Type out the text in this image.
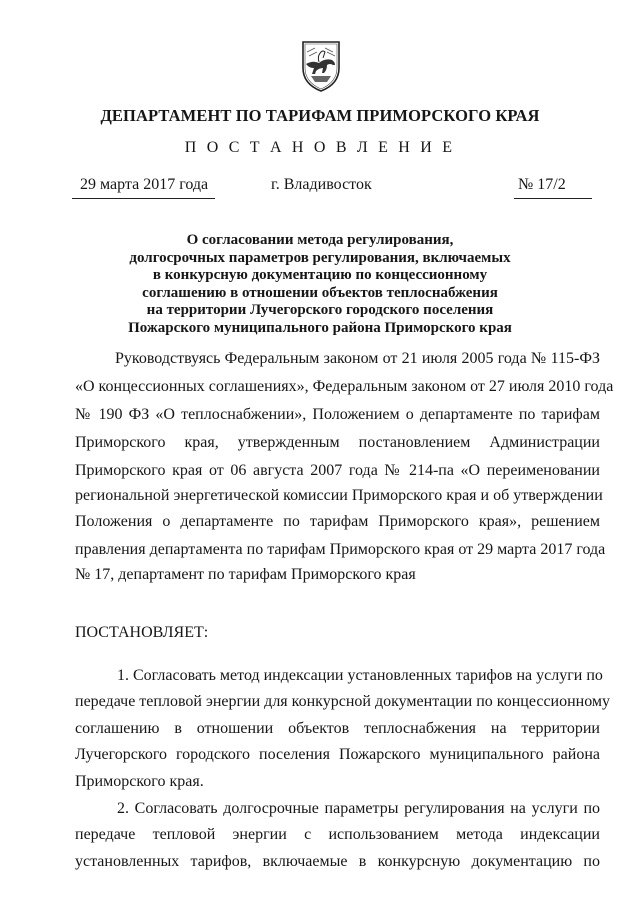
ДЕПАРТАМЕНТ ПО ТАРИФАМ ПРИМОРСКОГО КРАЯ
П О С Т А Н О В Л Е Н И Е
29 марта 2017 года	г. Владивосток	№ 17/2
О согласовании метода регулирования,
долгосрочных параметров регулирования, включаемых
в конкурсную документацию по концессионному
соглашению в отношении объектов теплоснабжения
на территории Лучегорского городского поселения
Пожарского муниципального района Приморского края
Руководствуясь Федеральным законом от 21 июля 2005 года № 115-ФЗ
«О концессионных соглашениях», Федеральным законом от 27 июля 2010 года
№ 190 ФЗ «О теплоснабжении», Положением о департаменте по тарифам
Приморского края, утвержденным постановлением Администрации
Приморского края от 06 августа 2007 года № 214-па «О переименовании
региональной энергетической комиссии Приморского края и об утверждении
Положения о департаменте по тарифам Приморского края», решением
правления департамента по тарифам Приморского края от 29 марта 2017 года
№ 17, департамент по тарифам Приморского края
ПОСТАНОВЛЯЕТ:
1. Согласовать метод индексации установленных тарифов на услуги по
передаче тепловой энергии для конкурсной документации по концессионному
соглашению в отношении объектов теплоснабжения на территории
Лучегорского городского поселения Пожарского муниципального района
Приморского края.
2. Согласовать долгосрочные параметры регулирования на услуги по
передаче тепловой энергии с использованием метода индексации
установленных тарифов, включаемые в конкурсную документацию по
